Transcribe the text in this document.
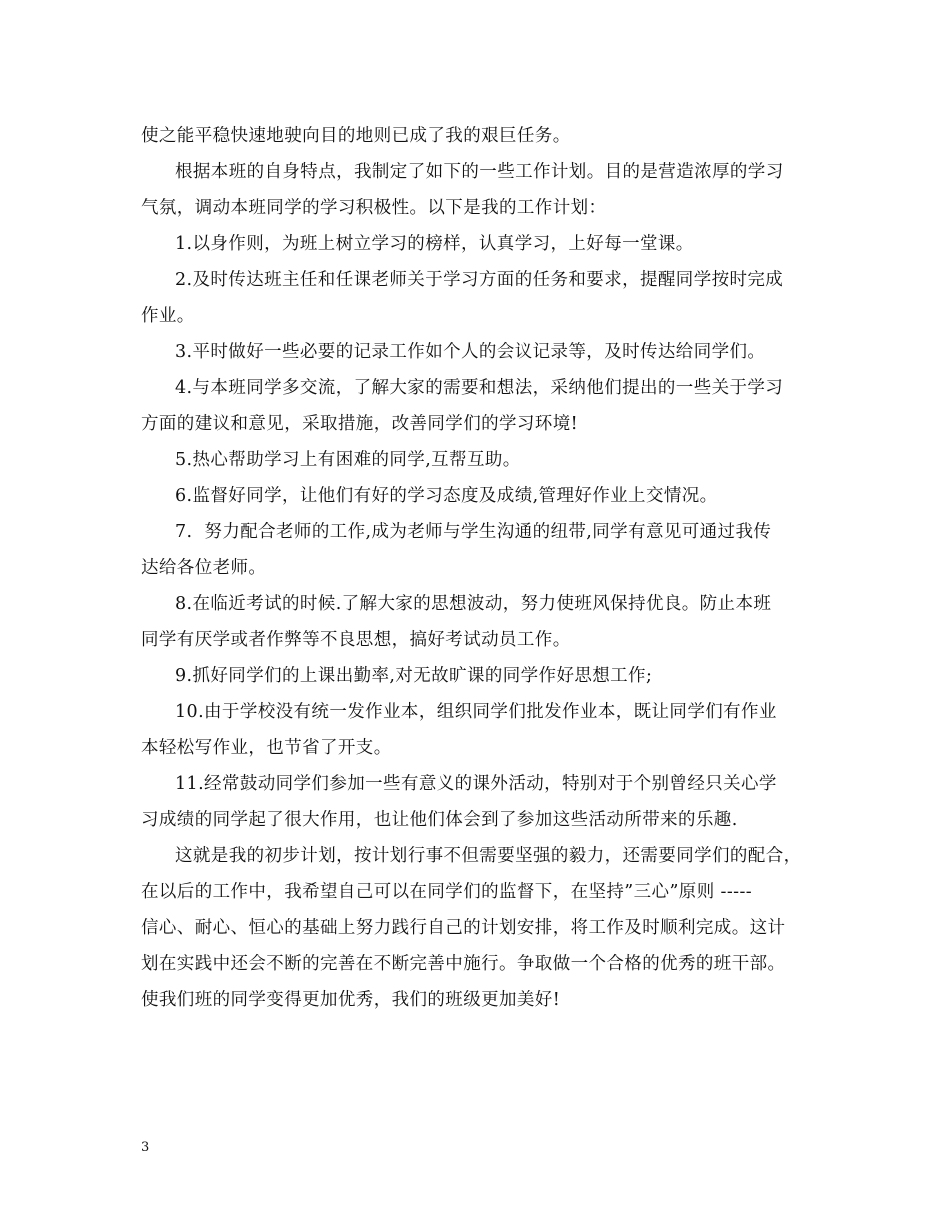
使之能平稳快速地驶向目的地则已成了我的艰巨任务。
根据本班的自身特点，我制定了如下的一些工作计划。目的是营造浓厚的学习
气氛，调动本班同学的学习积极性。以下是我的工作计划：
1.以身作则，为班上树立学习的榜样，认真学习，上好每一堂课。
2.及时传达班主任和任课老师关于学习方面的任务和要求，提醒同学按时完成
作业。
3.平时做好一些必要的记录工作如个人的会议记录等，及时传达给同学们。
4.与本班同学多交流，了解大家的需要和想法，采纳他们提出的一些关于学习
方面的建议和意见，采取措施，改善同学们的学习环境!
5.热心帮助学习上有困难的同学,互帮互助。
6.监督好同学，让他们有好的学习态度及成绩,管理好作业上交情况。
7.  努力配合老师的工作,成为老师与学生沟通的纽带,同学有意见可通过我传
达给各位老师。
8.在临近考试的时候.了解大家的思想波动，努力使班风保持优良。防止本班
同学有厌学或者作弊等不良思想，搞好考试动员工作。
9.抓好同学们的上课出勤率,对无故旷课的同学作好思想工作;
10.由于学校没有统一发作业本，组织同学们批发作业本，既让同学们有作业
本轻松写作业，也节省了开支。
11.经常鼓动同学们参加一些有意义的课外活动，特别对于个别曾经只关心学
习成绩的同学起了很大作用，也让他们体会到了参加这些活动所带来的乐趣.
这就是我的初步计划，按计划行事不但需要坚强的毅力，还需要同学们的配合，
在以后的工作中，我希望自己可以在同学们的监督下，在坚持”三心”原则 -----
信心、耐心、恒心的基础上努力践行自己的计划安排，将工作及时顺利完成。这计
划在实践中还会不断的完善在不断完善中施行。争取做一个合格的优秀的班干部。
使我们班的同学变得更加优秀，我们的班级更加美好!
3
